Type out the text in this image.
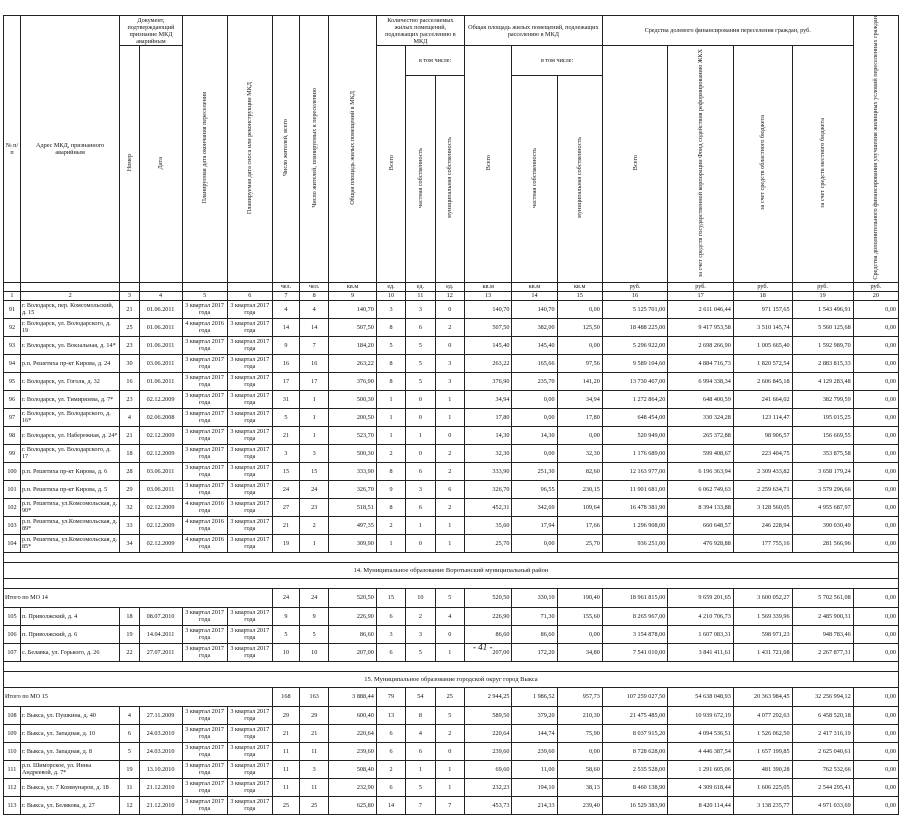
№ п/п	Адрес МКД, признанного аварийным	Документ, подтверждающий признание МКД аварийным		Планируемая дата окончания переселения	Планируемая дата сноса или реконструкции МКД	Число жителей, всего	Число жителей, планируемых к переселению	Общая площадь жилых помещений в МКД	Количество расселяемых жилых помещений, подлежащих расселению в МКД			Общая площадь жилых помещений, подлежащих расселению в МКД			Средства долевого финансирования переселения граждан, руб.				Средства дополнительного финансирования улучшения жилищных условий переселенных граждан
		Номер	Дата						Всего	в том числе:		Всего	в том числе:		Всего	за счет средств государственной корпорации Фонд содействия реформированию ЖКХ	за счет средств областного бюджета	за счет средств местного бюджета	
										частная собственность	муниципальная собственность		частная собственность	муниципальная собственность					
						чел.	чел.	кв.м	ед.	ед.	ед.	кв.м	кв.м	кв.м	руб.	руб.	руб.	руб.	руб.
1	2	3	4	5	6	7	8	9	10	11	12	13	14	15	16	17	18	19	20
91	г. Володарск, пер. Комсомольский, д. 15	21	01.06.2011	3 квартал 2017 года	3 квартал 2017 года	4	4	140,70	3	3	0	140,70	140,70	0,00	5 125 701,00	2 611 046,44	971 157,65	1 543 496,91	0,00
92	г. Володарск, ул. Володарского, д. 19	25	01.06.2011	4 квартал 2016 года	3 квартал 2017 года	14	14	507,50	8	6	2	507,50	382,00	125,50	18 488 225,00	9 417 953,58	3 510 145,74	5 560 125,68	0,00
93	г. Володарск, ул. Вокзальная, д. 14*	23	01.06.2011	3 квартал 2017 года	3 квартал 2017 года	9	7	184,20	5	5	0	145,40	145,40	0,00	5 296 922,00	2 698 266,90	1 005 665,40	1 592 989,70	0,00
94	р.п. Решетиха пр-кт Кирова, д. 24	30	03.06.2011	3 квартал 2017 года	3 квартал 2017 года	16	16	263,22	8	5	3	263,22	165,66	97,56	9 589 104,60	4 884 716,73	1 820 572,54	2 883 815,33	0,00
95	г. Володарск, ул. Гоголя, д. 32	16	01.06.2011	3 квартал 2017 года	3 квартал 2017 года	17	17	376,90	8	5	3	376,90	235,70	141,20	13 730 467,00	6 994 338,34	2 606 845,18	4 129 283,48	0,00
96	г. Володарск, ул. Тимирязева, д. 7*	23	02.12.2009	3 квартал 2017 года	3 квартал 2017 года	31	1	500,30	1	0	1	34,94	0,00	34,94	1 272 864,20	648 400,59	241 664,02	382 799,59	0,00
97	г. Володарск, ул. Володарского, д. 16*	4	02.06.2008	3 квартал 2017 года	3 квартал 2017 года	5	1	200,50	1	0	1	17,80	0,00	17,80	648 454,00	330 324,28	123 114,47	195 015,25	0,00
98	г. Володарск, ул. Набережная, д. 24*	21	02.12.2009	3 квартал 2017 года	3 квартал 2017 года	21	1	523,70	1	1	0	14,30	14,30	0,00	520 949,00	265 372,88	98 906,57	156 669,55	0,00
99	г. Володарск, ул. Володарского, д. 17	18	02.12.2009	3 квартал 2017 года	3 квартал 2017 года	3	3	500,30	2	0	2	32,30	0,00	32,30	1 176 689,00	599 408,67	223 404,75	353 875,58	0,00
100	р.п. Решетиха пр-кт Кирова, д. 6	28	03.06.2011	3 квартал 2017 года	3 квартал 2017 года	15	15	333,90	8	6	2	333,90	251,30	82,60	12 163 977,00	6 196 363,94	2 309 433,82	3 658 179,24	0,00
101	р.п. Решетиха пр-кт Кирова, д. 5	29	03.06.2011	3 квартал 2017 года	3 квартал 2017 года	24	24	326,70	9	3	6	326,70	96,55	230,15	11 901 681,00	6 062 749,63	2 259 634,71	3 579 296,66	0,00
102	р.п. Решетиха, ул.Комсомольская, д. 90*	32	02.12.2009	4 квартал 2016 года	3 квартал 2017 года	27	23	518,51	8	6	2	452,31	342,69	109,64	16 478 381,90	8 394 133,88	3 128 560,05	4 955 687,97	0,00
103	р.п. Решетиха, ул.Комсомольская, д. 89*	33	02.12.2009	4 квартал 2016 года	3 квартал 2017 года	21	2	497,35	2	1	1	35,60	17,94	17,66	1 296 908,00	660 648,57	246 228,94	390 030,49	0,00
104	р.п. Решетиха, ул.Комсомольская, д. 85*	34	02.12.2009	4 квартал 2016 года	3 квартал 2017 года	19	1	309,90	1	0	1	25,70	0,00	25,70	936 251,00	476 928,88	177 755,16	281 566,96	0,00

14. Муниципальное образование Воротынский муниципальный район																			

Итого по МО 14						24	24	520,50	15	10	5	520,50	330,10	190,40	18 961 815,00	9 659 201,65	3 600 052,27	5 702 561,08	0,00
105	п. Приволжский, д. 4	18	08.07.2010	3 квартал 2017 года	3 квартал 2017 года	9	9	226,90	6	2	4	226,90	71,30	155,60	8 265 967,00	4 210 706,73	1 569 339,96	2 485 900,31	0,00
106	п. Приволжский, д. 6	19	14.04.2011	3 квартал 2017 года	3 квартал 2017 года	5	5	86,60	3	3	0	86,60	86,60	0,00	3 154 878,00	1 607 083,31	598 971,23	948 783,46	0,00
107	с. Белавка, ул. Горького, д. 26	22	27.07.2011	3 квартал 2017 года	3 квартал 2017 года	10	10	207,00	6	5	1	207,00	172,20	34,80	7 541 010,00	3 841 411,61	1 431 721,08	2 267 877,31	0,00

15. Муниципальное образование городской округ город Выкса																			
Итого по МО 15						168	163	3 888,44	79	54	25	2 944,25	1 986,52	957,73	107 259 027,50	54 638 048,93	20 363 984,45	32 256 994,12	0,00
108	г. Выкса, ул. Пушкина, д. 40	4	27.11.2009	3 квартал 2017 года	3 квартал 2017 года	29	29	600,40	13	8	5	589,50	379,20	210,30	21 475 485,00	10 939 672,19	4 077 292,63	6 458 520,18	0,00
109	г. Выкса, ул. Западная, д. 10	6	24.03.2010	3 квартал 2017 года	3 квартал 2017 года	21	21	220,64	6	4	2	220,64	144,74	75,90	8 037 915,20	4 094 536,51	1 526 062,50	2 417 316,19	0,00
110	г. Выкса, ул. Западная, д. 8	5	24.03.2010	3 квартал 2017 года	3 квартал 2017 года	11	11	239,60	6	6	0	239,60	239,60	0,00	8 728 628,00	4 446 387,54	1 657 199,85	2 625 040,61	0,00
111	р.п. Шиморское, ул. Инны Андреевой, д. 7*	19	13.10.2010	3 квартал 2017 года	3 квартал 2017 года	11	3	508,40	2	1	1	69,60	11,00	58,60	2 535 528,00	1 291 605,06	481 390,28	762 532,66	0,00
112	г. Выкса, ул. 7 Коммунаров, д. 18	11	21.12.2010	3 квартал 2017 года	3 квартал 2017 года	11	11	232,90	6	5	1	232,23	194,10	38,13	8 460 138,90	4 309 618,44	1 606 225,05	2 544 295,41	0,00
113	г. Выкса, ул. Белякова, д. 27	12	21.12.2010	3 квартал 2017 года	3 квартал 2017 года	25	25	625,80	14	7	7	453,73	214,33	239,40	16 529 383,90	8 420 114,44	3 138 235,77	4 971 033,69	0,00
- 41 -
